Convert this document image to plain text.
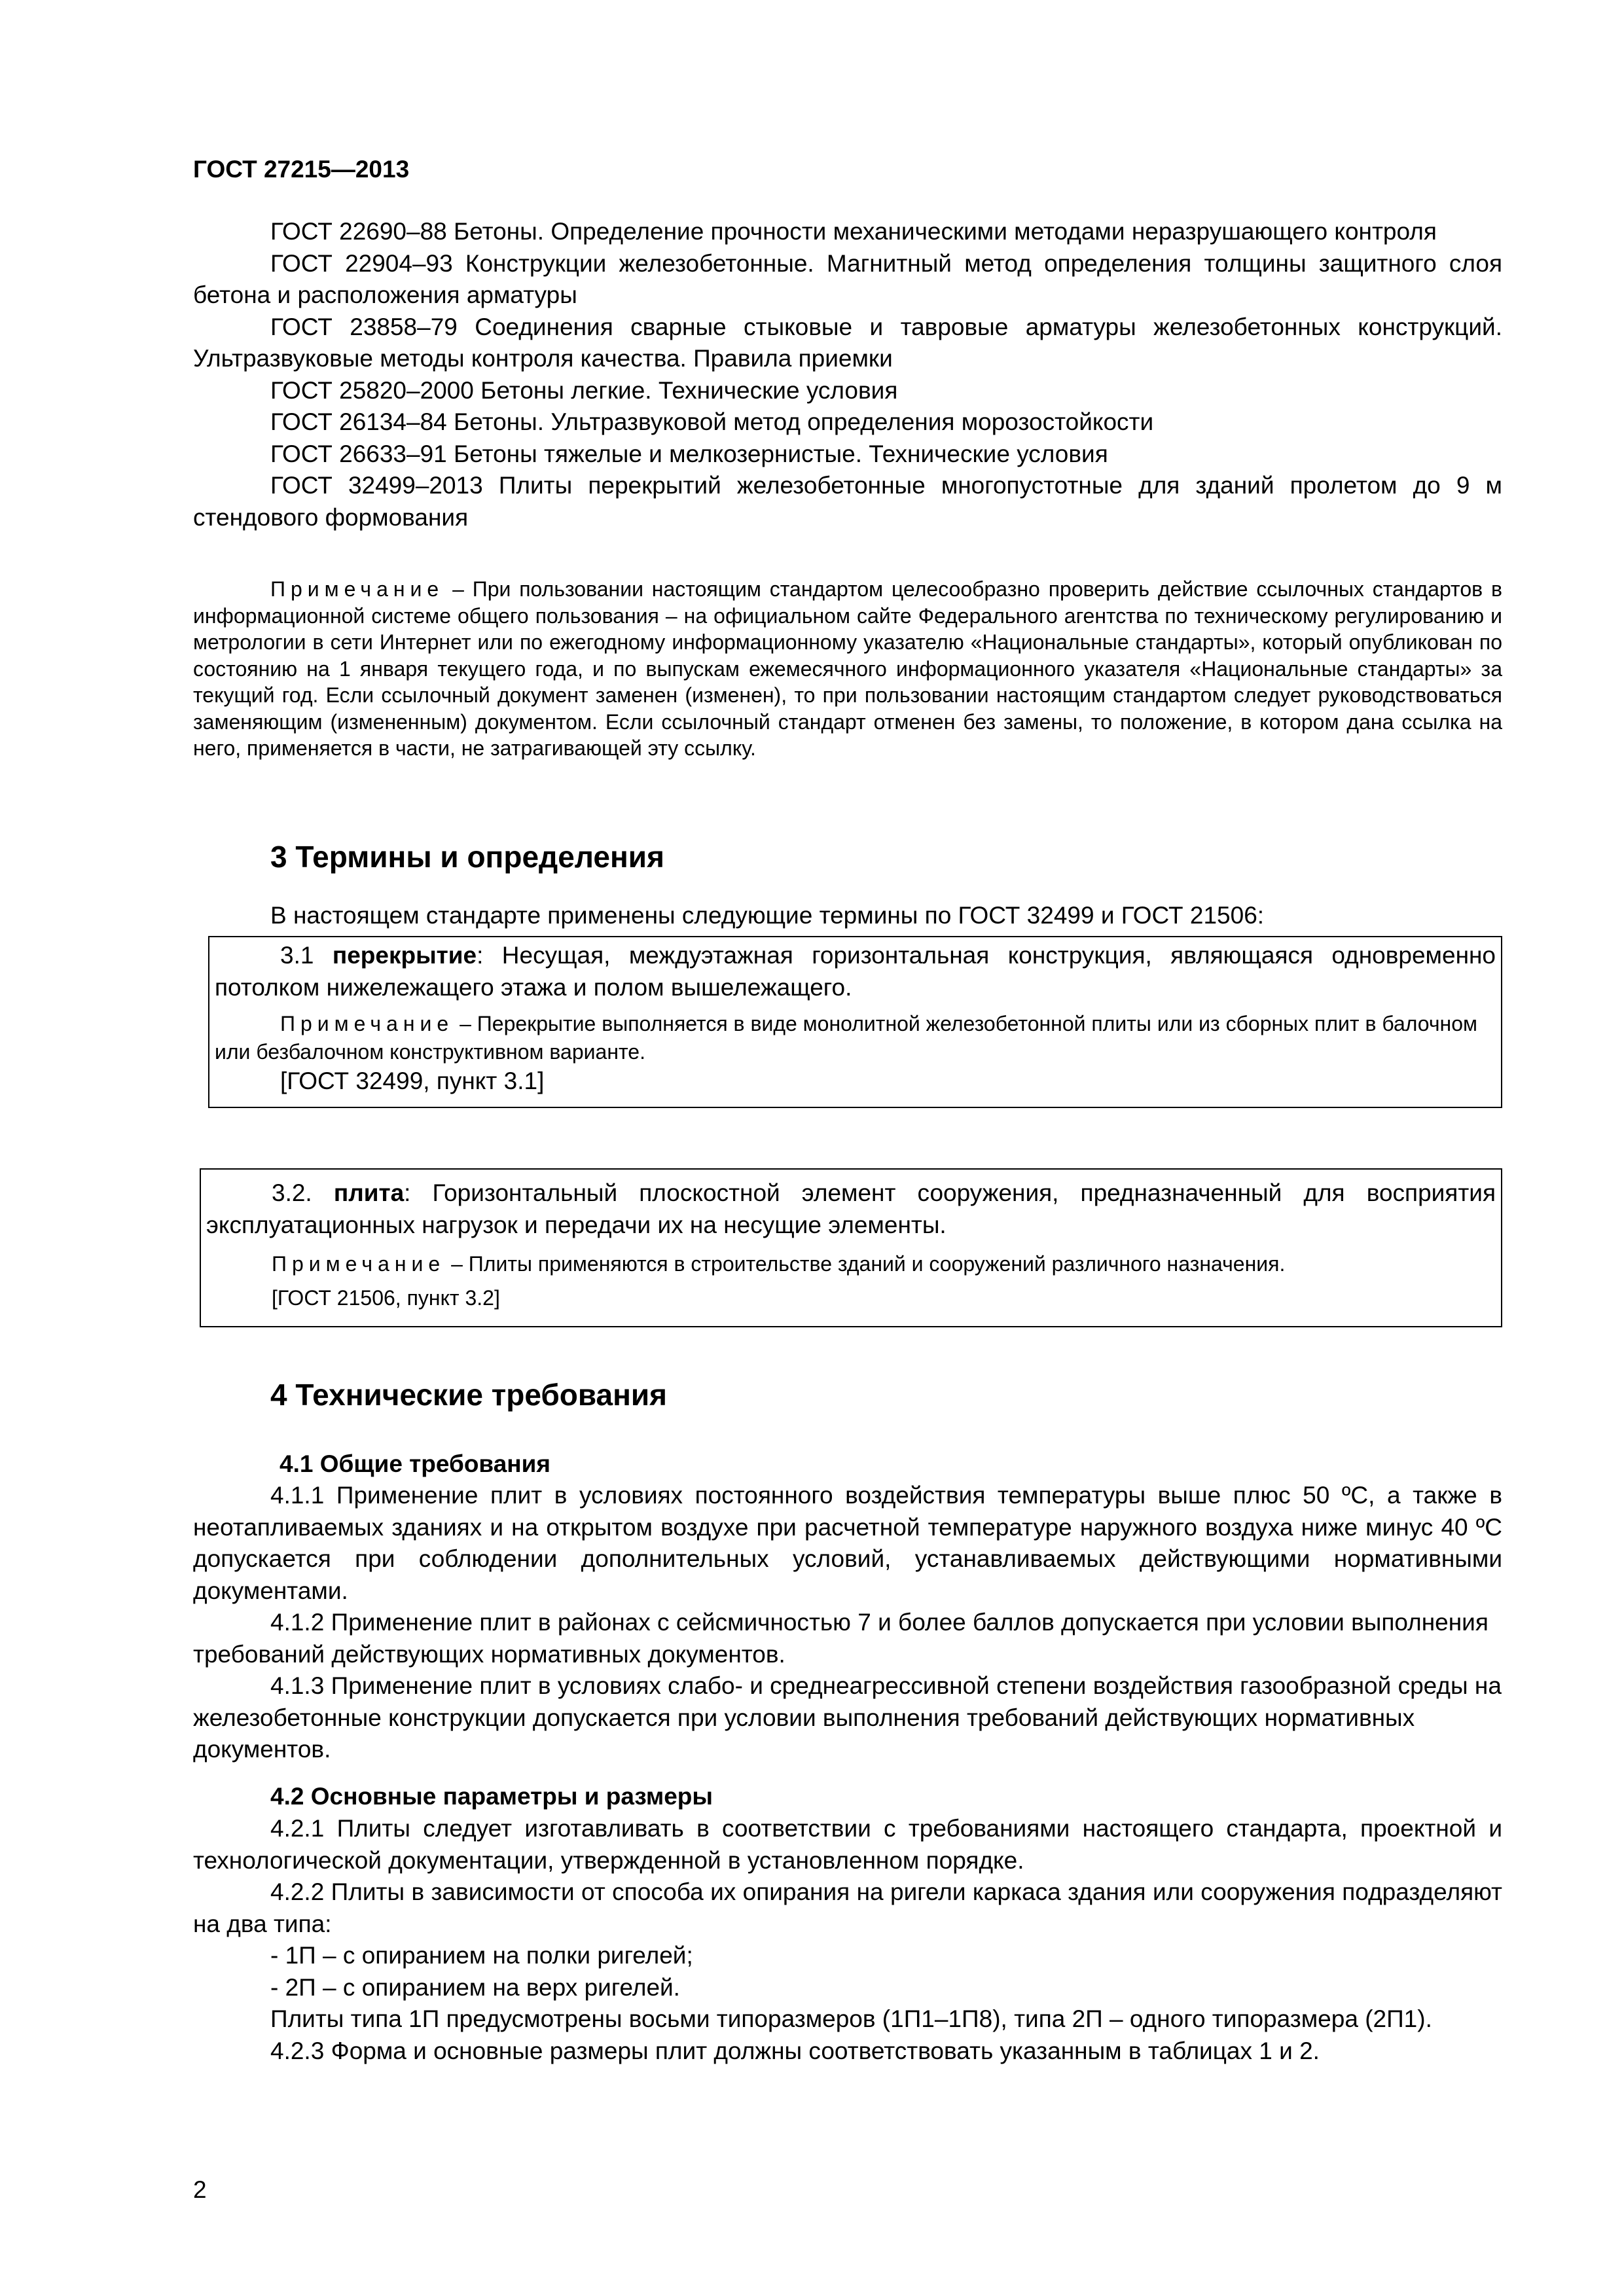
ГОСТ 27215—2013

ГОСТ 22690–88 Бетоны. Определение прочности механическими методами неразрушающего контроля

ГОСТ 22904–93 Конструкции железобетонные. Магнитный метод определения толщины защитного слоя бетона и расположения арматуры

ГОСТ 23858–79 Соединения сварные стыковые и тавровые арматуры железобетонных конструкций. Ультразвуковые методы контроля качества. Правила приемки

ГОСТ 25820–2000 Бетоны легкие. Технические условия

ГОСТ 26134–84 Бетоны. Ультразвуковой метод определения морозостойкости

ГОСТ 26633–91 Бетоны тяжелые и мелкозернистые. Технические условия

ГОСТ 32499–2013 Плиты перекрытий железобетонные многопустотные для зданий пролетом до 9 м стендового формования

Примечание – При пользовании настоящим стандартом целесообразно проверить действие ссылочных стандартов в информационной системе общего пользования – на официальном сайте Федерального агентства по техническому регулированию и метрологии в сети Интернет или по ежегодному информационному указателю «Национальные стандарты», который опубликован по состоянию на 1 января текущего года, и по выпускам ежемесячного информационного указателя «Национальные стандарты» за текущий год. Если ссылочный документ заменен (изменен), то при пользовании настоящим стандартом следует руководствоваться заменяющим (измененным) документом. Если ссылочный стандарт отменен без замены, то положение, в котором дана ссылка на него, применяется в части, не затрагивающей эту ссылку.

3 Термины и определения

В настоящем стандарте применены следующие термины по ГОСТ 32499 и ГОСТ 21506:

3.1 перекрытие: Несущая, междуэтажная горизонтальная конструкция, являющаяся одновременно потолком нижележащего этажа и полом вышележащего.

Примечание – Перекрытие выполняется в виде монолитной железобетонной плиты или из сборных плит в балочном или безбалочном конструктивном варианте.

[ГОСТ 32499, пункт 3.1]

3.2. плита: Горизонтальный плоскостной элемент сооружения, предназначенный для восприятия эксплуатационных нагрузок и передачи их на несущие элементы.

Примечание – Плиты применяются в строительстве зданий и сооружений различного назначения.

[ГОСТ 21506, пункт 3.2]

4 Технические требования
4.1 Общие требования

4.1.1 Применение плит в условиях постоянного воздействия температуры выше плюс 50 ºС, а также в неотапливаемых зданиях и на открытом воздухе при расчетной температуре наружного воздуха ниже минус 40 ºС допускается при соблюдении дополнительных условий, устанавливаемых действующими нормативными документами.

4.1.2 Применение плит в районах с сейсмичностью 7 и более баллов допускается при условии выполнения требований действующих нормативных документов.

4.1.3 Применение плит в условиях слабо- и среднеагрессивной степени воздействия газообразной среды на железобетонные конструкции допускается при условии выполнения требований действующих нормативных документов.

4.2 Основные параметры и размеры

4.2.1 Плиты следует изготавливать в соответствии с требованиями настоящего стандарта, проектной и технологической документации, утвержденной в установленном порядке.

4.2.2 Плиты в зависимости от способа их опирания на ригели каркаса здания или сооружения подразделяют на два типа:

- 1П – с опиранием на полки ригелей;

- 2П – с опиранием на верх ригелей.

Плиты типа 1П предусмотрены восьми типоразмеров (1П1–1П8), типа 2П – одного типоразмера (2П1).

4.2.3 Форма и основные размеры плит должны соответствовать указанным в таблицах 1 и 2.

2
